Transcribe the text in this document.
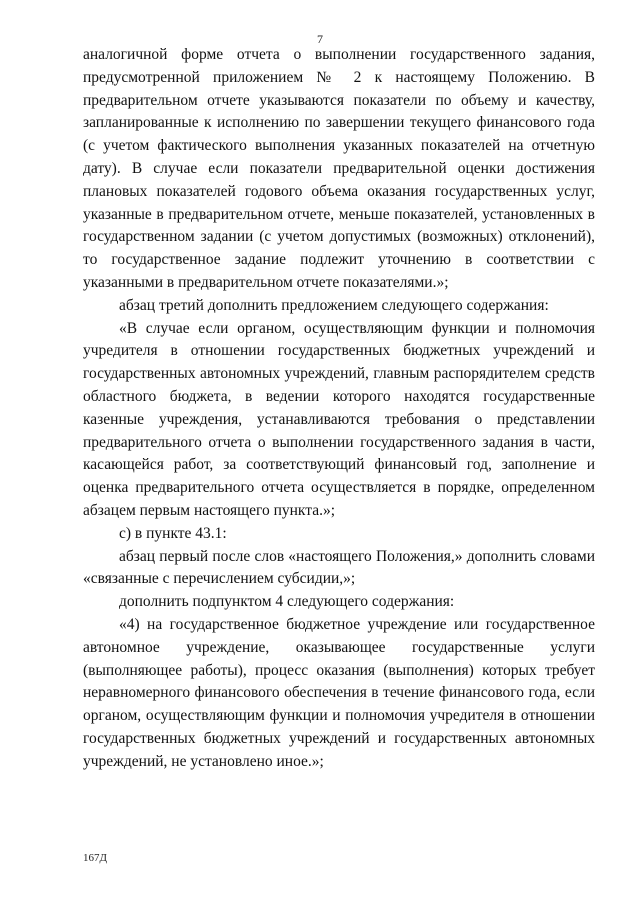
7

аналогичной форме отчета о выполнении государственного задания, предусмотренной приложением № 2 к настоящему Положению. В предварительном отчете указываются показатели по объему и качеству, запланированные к исполнению по завершении текущего финансового года (с учетом фактического выполнения указанных показателей на отчетную дату). В случае если показатели предварительной оценки достижения плановых показателей годового объема оказания государственных услуг, указанные в предварительном отчете, меньше показателей, установленных в государственном задании (с учетом допустимых (возможных) отклонений), то государственное задание подлежит уточнению в соответствии с указанными в предварительном отчете показателями.»;

абзац третий дополнить предложением следующего содержания:

«В случае если органом, осуществляющим функции и полномочия учредителя в отношении государственных бюджетных учреждений и государственных автономных учреждений, главным распорядителем средств областного бюджета, в ведении которого находятся государственные казенные учреждения, устанавливаются требования о представлении предварительного отчета о выполнении государственного задания в части, касающейся работ, за соответствующий финансовый год, заполнение и оценка предварительного отчета осуществляется в порядке, определенном абзацем первым настоящего пункта.»;

с) в пункте 43.1:

абзац первый после слов «настоящего Положения,» дополнить словами «связанные с перечислением субсидии,»;

дополнить подпунктом 4 следующего содержания:

«4) на государственное бюджетное учреждение или государственное автономное учреждение, оказывающее государственные услуги (выполняющее работы), процесс оказания (выполнения) которых требует неравномерного финансового обеспечения в течение финансового года, если органом, осуществляющим функции и полномочия учредителя в отношении государственных бюджетных учреждений и государственных автономных учреждений, не установлено иное.»;

167Д
